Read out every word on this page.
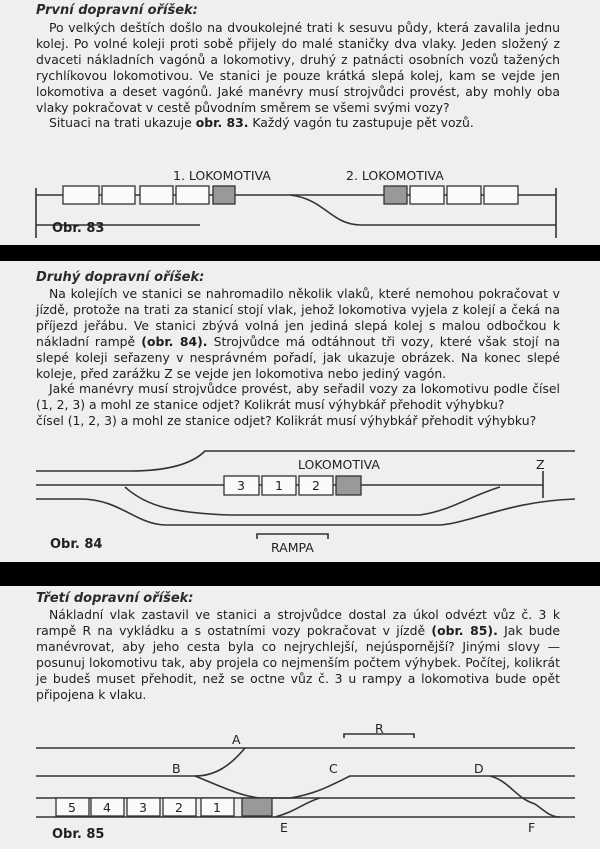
První dopravní oříšek:

Po velkých deštích došlo na dvoukolejné trati k sesuvu půdy, která zavalila jednu kolej. Po volné koleji proti sobě přijely do malé staničky dva vlaky. Jeden složený z dvaceti nákladních vagónů a lokomotivy, druhý z patnácti osobních vozů tažených rychlíkovou lokomotivou. Ve stanici je pouze krátká slepá kolej, kam se vejde jen lokomotiva a deset vagónů. Jaké manévry musí strojvůdci provést, aby mohly oba vlaky pokračovat v cestě původním směrem se všemi svými vozy?

Situaci na trati ukazuje obr. 83. Každý vagón tu zastupuje pět vozů.

1. LOKOMOTIVA	2. LOKOMOTIVA
Obr. 83
Druhý dopravní oříšek:

Na kolejích ve stanici se nahromadilo několik vlaků, které nemohou pokračovat v jízdě, protože na trati za stanicí stojí vlak, jehož lokomotiva vyjela z kolejí a čeká na příjezd jeřábu. Ve stanici zbývá volná jen jediná slepá kolej s malou odbočkou k nákladní rampě (obr. 84). Strojvůdce má odtáhnout tři vozy, které však stojí na slepé koleji seřazeny v nesprávném pořadí, jak ukazuje obrázek. Na konec slepé koleje, před zarážku Z se vejde jen lokomotiva nebo jediný vagón.

Jaké manévry musí strojvůdce provést, aby seřadil vozy za lokomotivu podle čísel (1, 2, 3) a mohl ze stanice odjet? Kolikrát musí výhybkář přehodit výhybku?

čísel (1, 2, 3) a mohl ze stanice odjet? Kolikrát musí výhybkář přehodit výhybku?

LOKOMOTIVA	Z
3 1 2
RAMPA
Obr. 84
Třetí dopravní oříšek:

Nákladní vlak zastavil ve stanici a strojvůdce dostal za úkol odvézt vůz č. 3 k rampě R na vykládku a s ostatními vozy pokračovat v jízdě (obr. 85). Jak bude manévrovat, aby jeho cesta byla co nejrychlejší, nejúspornější? Jinými slovy — posunuj lokomotivu tak, aby projela co nejmenším počtem výhybek. Počítej, kolikrát je budeš muset přehodit, než se octne vůz č. 3 u rampy a lokomotiva bude opět připojena k vlaku.

R
A
B	C	D
E	F
5 4 3 2 1
Obr. 85
